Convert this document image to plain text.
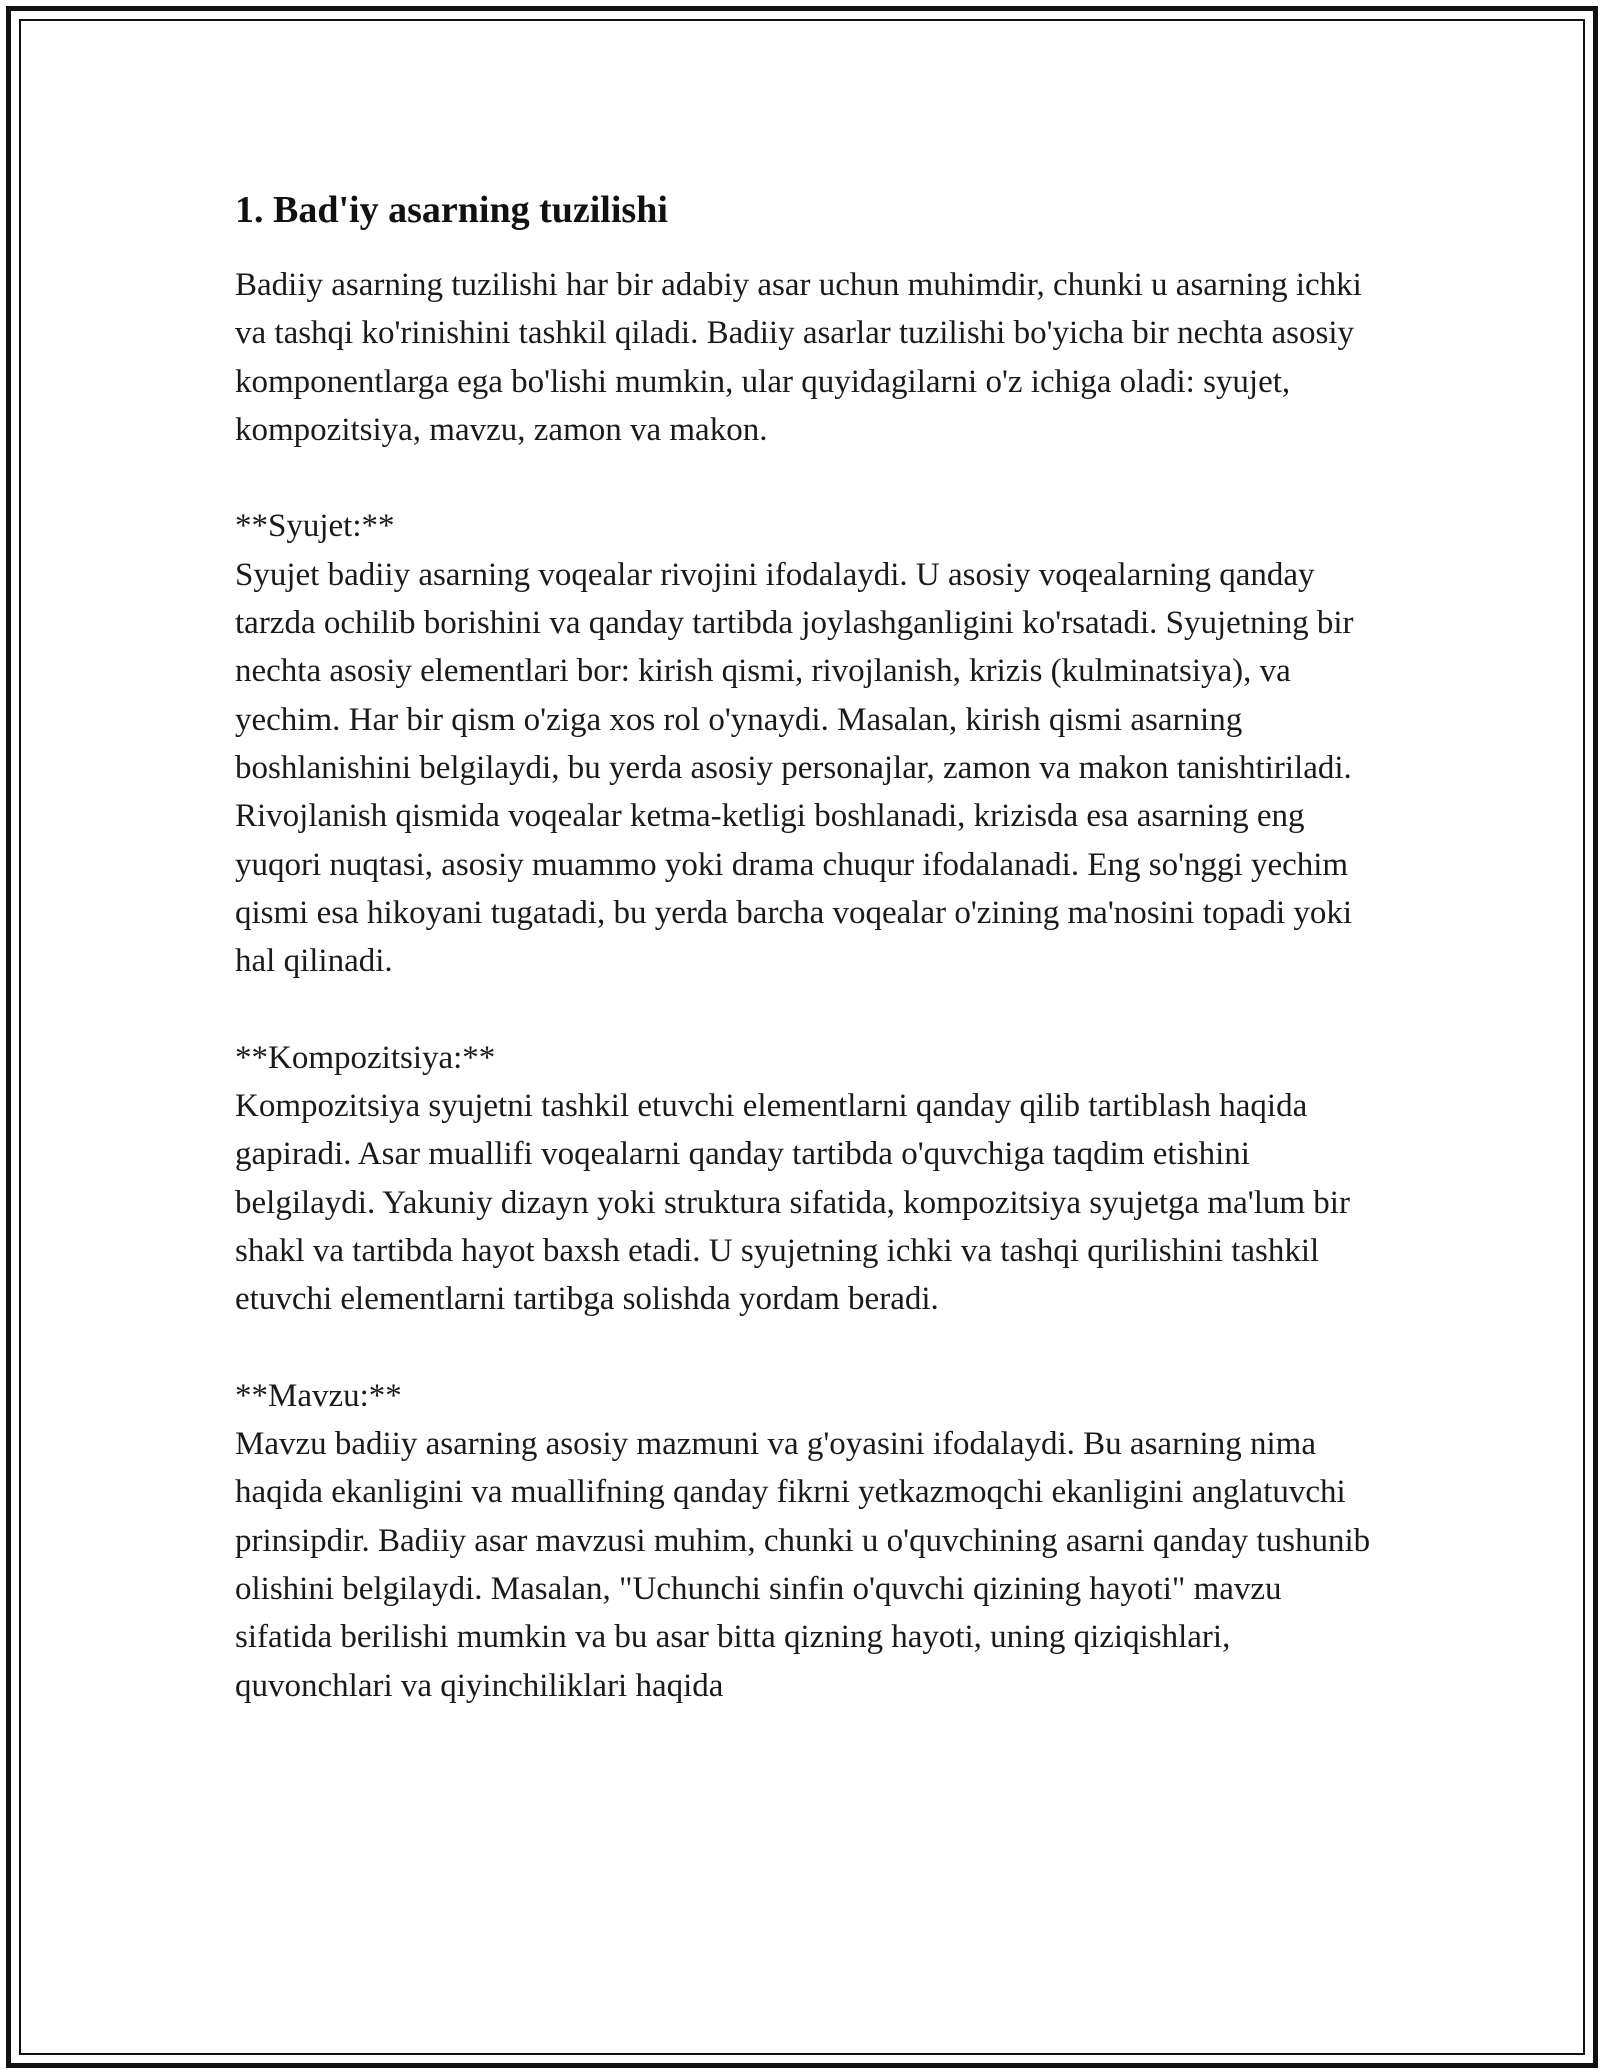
1. Bad'iy asarning tuzilishi

Badiiy asarning tuzilishi har bir adabiy asar uchun muhimdir, chunki u asarning ichki va tashqi ko'rinishini tashkil qiladi. Badiiy asarlar tuzilishi bo'yicha bir nechta asosiy komponentlarga ega bo'lishi mumkin, ular quyidagilarni o'z ichiga oladi: syujet, kompozitsiya, mavzu, zamon va makon.

**Syujet:**

Syujet badiiy asarning voqealar rivojini ifodalaydi. U asosiy voqealarning qanday tarzda ochilib borishini va qanday tartibda joylashganligini ko'rsatadi. Syujetning bir nechta asosiy elementlari bor: kirish qismi, rivojlanish, krizis (kulminatsiya), va yechim. Har bir qism o'ziga xos rol o'ynaydi. Masalan, kirish qismi asarning boshlanishini belgilaydi, bu yerda asosiy personajlar, zamon va makon tanishtiriladi. Rivojlanish qismida voqealar ketma-ketligi boshlanadi, krizisda esa asarning eng yuqori nuqtasi, asosiy muammo yoki drama chuqur ifodalanadi. Eng so'nggi yechim qismi esa hikoyani tugatadi, bu yerda barcha voqealar o'zining ma'nosini topadi yoki hal qilinadi.

**Kompozitsiya:**

Kompozitsiya syujetni tashkil etuvchi elementlarni qanday qilib tartiblash haqida gapiradi. Asar muallifi voqealarni qanday tartibda o'quvchiga taqdim etishini belgilaydi. Yakuniy dizayn yoki struktura sifatida, kompozitsiya syujetga ma'lum bir shakl va tartibda hayot baxsh etadi. U syujetning ichki va tashqi qurilishini tashkil etuvchi elementlarni tartibga solishda yordam beradi.

**Mavzu:**

Mavzu badiiy asarning asosiy mazmuni va g'oyasini ifodalaydi. Bu asarning nima haqida ekanligini va muallifning qanday fikrni yetkazmoqchi ekanligini anglatuvchi prinsipdir. Badiiy asar mavzusi muhim, chunki u o'quvchining asarni qanday tushunib olishini belgilaydi. Masalan, "Uchunchi sinfin o'quvchi qizining hayoti" mavzu sifatida berilishi mumkin va bu asar bitta qizning hayoti, uning qiziqishlari, quvonchlari va qiyinchiliklari haqida
